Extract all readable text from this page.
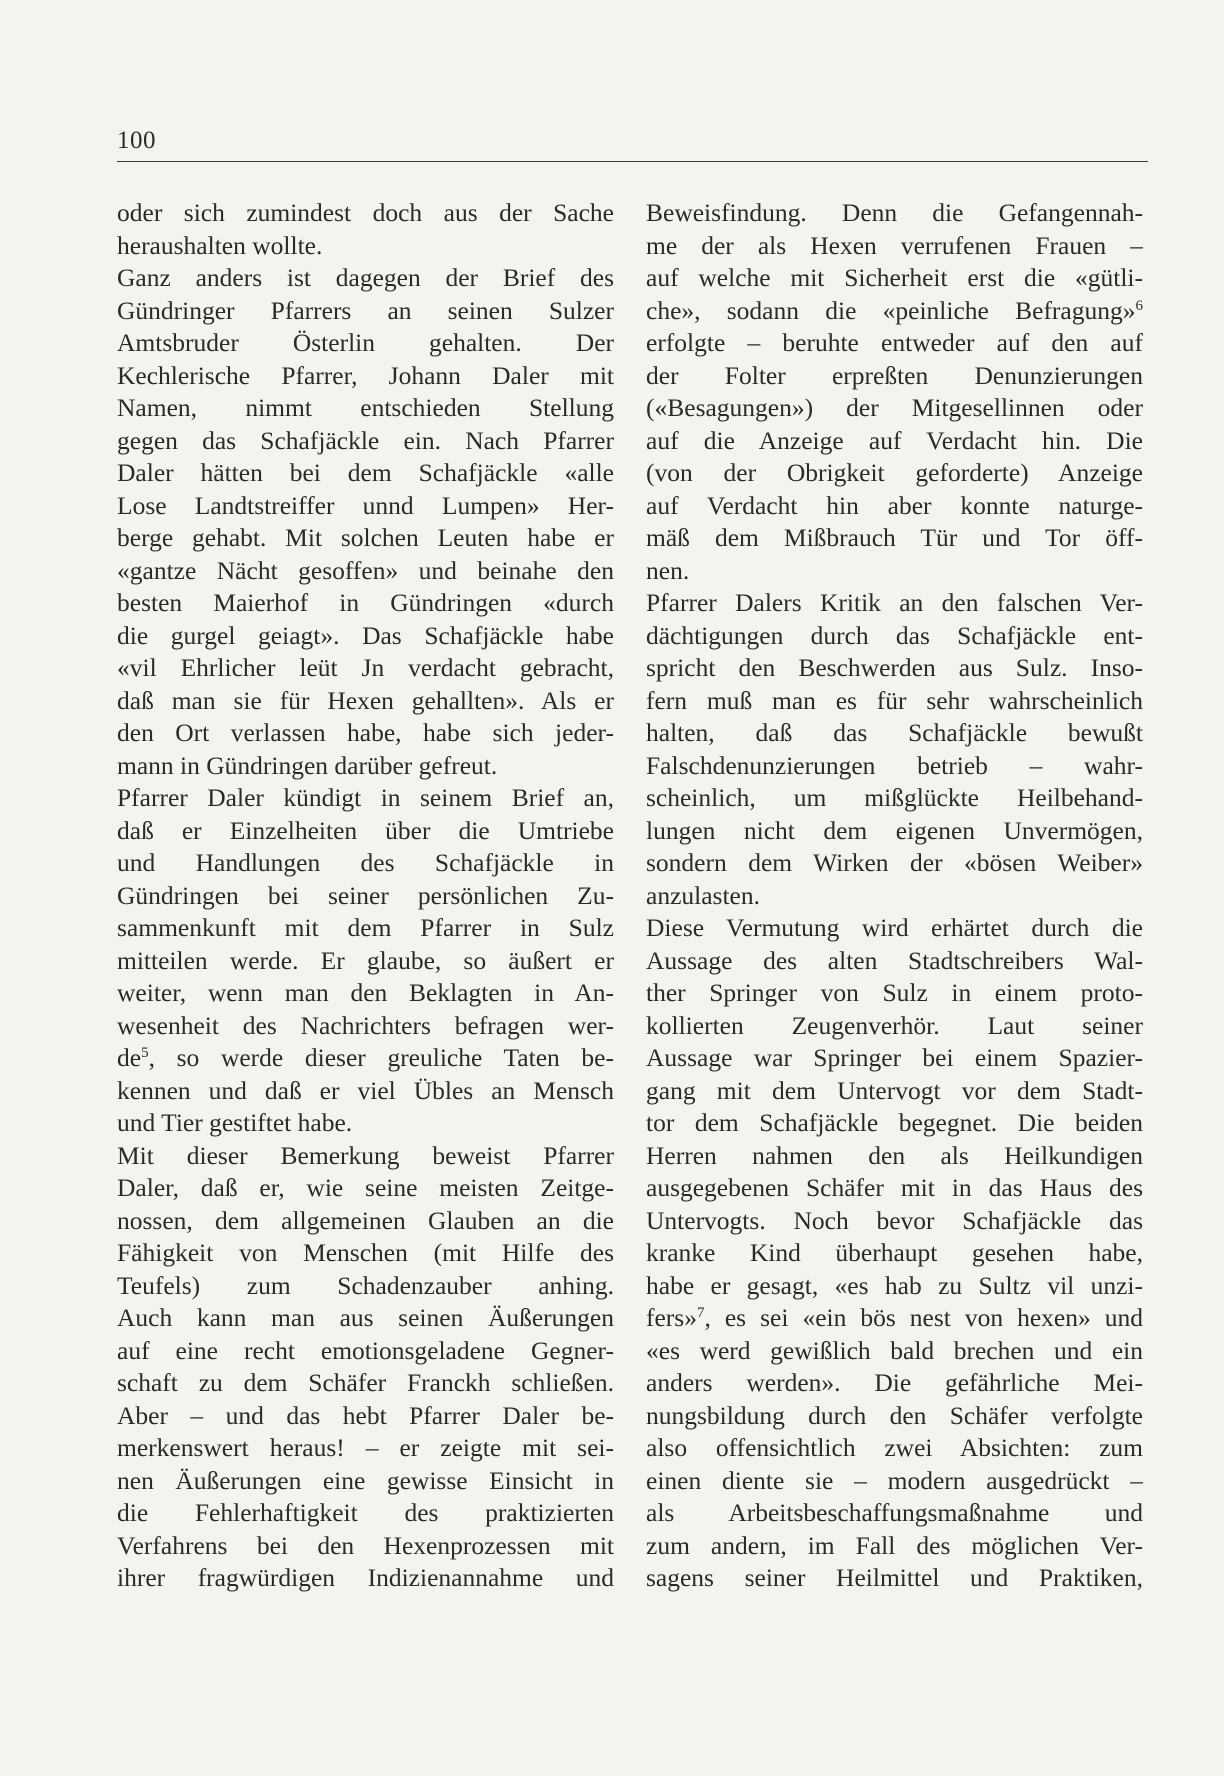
100
oder sich zumindest doch aus der Sache
heraushalten wollte.
Ganz anders ist dagegen der Brief des
Gündringer Pfarrers an seinen Sulzer
Amtsbruder Österlin gehalten. Der
Kechlerische Pfarrer, Johann Daler mit
Namen, nimmt entschieden Stellung
gegen das Schafjäckle ein. Nach Pfarrer
Daler hätten bei dem Schafjäckle «alle
Lose Landtstreiffer unnd Lumpen» Her-
berge gehabt. Mit solchen Leuten habe er
«gantze Nächt gesoffen» und beinahe den
besten Maierhof in Gündringen «durch
die gurgel geiagt». Das Schafjäckle habe
«vil Ehrlicher leüt Jn verdacht gebracht,
daß man sie für Hexen gehallten». Als er
den Ort verlassen habe, habe sich jeder-
mann in Gündringen darüber gefreut.
Pfarrer Daler kündigt in seinem Brief an,
daß er Einzelheiten über die Umtriebe
und Handlungen des Schafjäckle in
Gündringen bei seiner persönlichen Zu-
sammenkunft mit dem Pfarrer in Sulz
mitteilen werde. Er glaube, so äußert er
weiter, wenn man den Beklagten in An-
wesenheit des Nachrichters befragen wer-
$de^5$, so werde dieser greuliche Taten be-
kennen und daß er viel Übles an Mensch
und Tier gestiftet habe.
Mit dieser Bemerkung beweist Pfarrer
Daler, daß er, wie seine meisten Zeitge-
nossen, dem allgemeinen Glauben an die
Fähigkeit von Menschen (mit Hilfe des
Teufels) zum Schadenzauber anhing.
Auch kann man aus seinen Äußerungen
auf eine recht emotionsgeladene Gegner-
schaft zu dem Schäfer Franckh schließen.
Aber – und das hebt Pfarrer Daler be-
merkenswert heraus! – er zeigte mit sei-
nen Äußerungen eine gewisse Einsicht in
die Fehlerhaftigkeit des praktizierten
Verfahrens bei den Hexenprozessen mit
ihrer fragwürdigen Indizienannahme und
Beweisfindung. Denn die Gefangennah-
me der als Hexen verrufenen Frauen –
auf welche mit Sicherheit erst die «gütli-
che», sodann die «peinliche Befragung»$^6$
erfolgte – beruhte entweder auf den auf
der Folter erpreßten Denunzierungen
(«Besagungen») der Mitgesellinnen oder
auf die Anzeige auf Verdacht hin. Die
(von der Obrigkeit geforderte) Anzeige
auf Verdacht hin aber konnte naturge-
mäß dem Mißbrauch Tür und Tor öff-
nen.
Pfarrer Dalers Kritik an den falschen Ver-
dächtigungen durch das Schafjäckle ent-
spricht den Beschwerden aus Sulz. Inso-
fern muß man es für sehr wahrscheinlich
halten, daß das Schafjäckle bewußt
Falschdenunzierungen betrieb – wahr-
scheinlich, um mißglückte Heilbehand-
lungen nicht dem eigenen Unvermögen,
sondern dem Wirken der «bösen Weiber»
anzulasten.
Diese Vermutung wird erhärtet durch die
Aussage des alten Stadtschreibers Wal-
ther Springer von Sulz in einem proto-
kollierten Zeugenverhör. Laut seiner
Aussage war Springer bei einem Spazier-
gang mit dem Untervogt vor dem Stadt-
tor dem Schafjäckle begegnet. Die beiden
Herren nahmen den als Heilkundigen
ausgegebenen Schäfer mit in das Haus des
Untervogts. Noch bevor Schafjäckle das
kranke Kind überhaupt gesehen habe,
habe er gesagt, «es hab zu Sultz vil unzi-
fers»$^7$, es sei «ein bös nest von hexen» und
«es werd gewißlich bald brechen und ein
anders werden». Die gefährliche Mei-
nungsbildung durch den Schäfer verfolgte
also offensichtlich zwei Absichten: zum
einen diente sie – modern ausgedrückt –
als Arbeitsbeschaffungsmaßnahme und
zum andern, im Fall des möglichen Ver-
sagens seiner Heilmittel und Praktiken,
